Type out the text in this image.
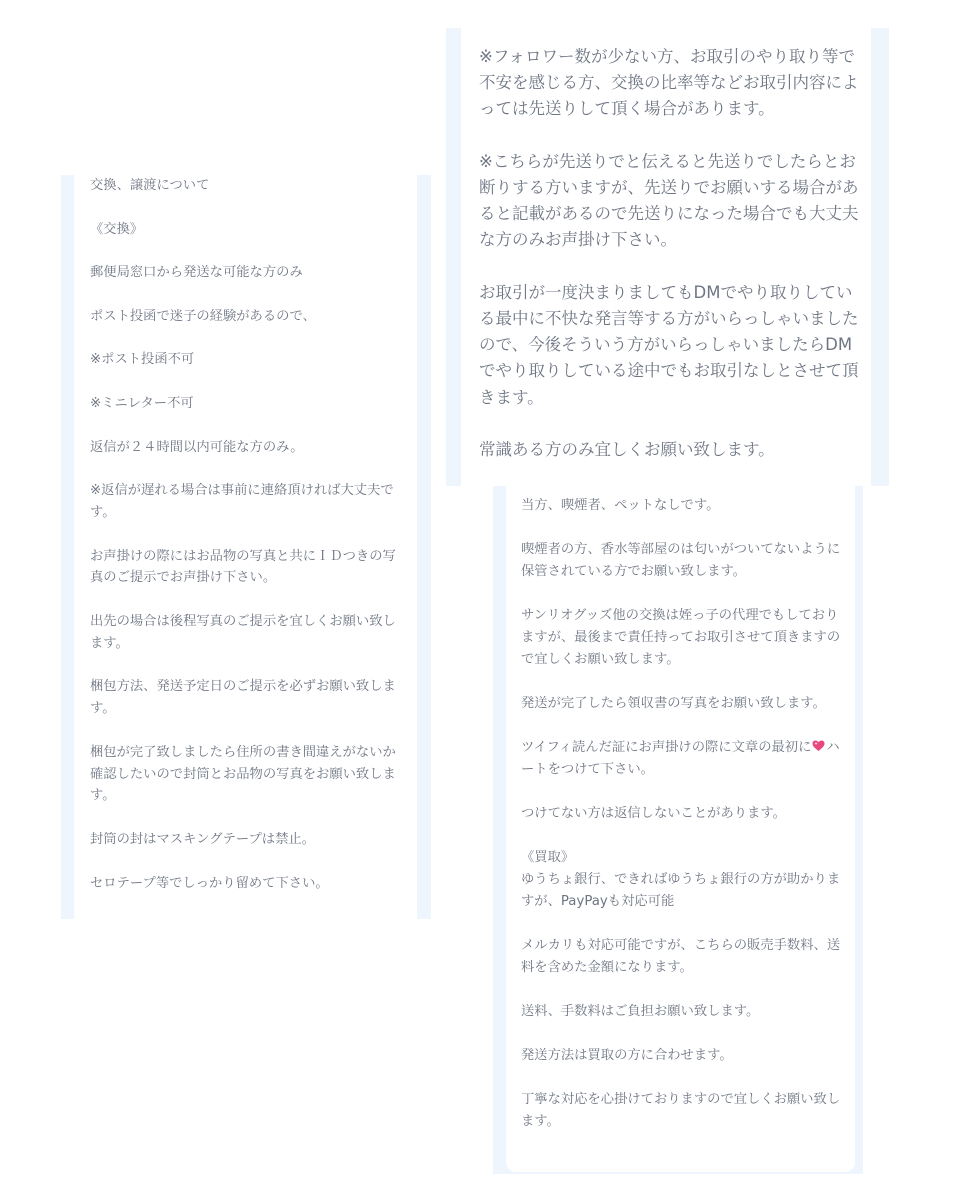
交換、譲渡について

《交換》

郵便局窓口から発送な可能な方のみ

ポスト投函で迷子の経験があるので、

※ポスト投函不可

※ミニレター不可

返信が２４時間以内可能な方のみ。

※返信が遅れる場合は事前に連絡頂ければ大丈夫です。

お声掛けの際にはお品物の写真と共にＩＤつきの写真のご提示でお声掛け下さい。

出先の場合は後程写真のご提示を宜しくお願い致します。

梱包方法、発送予定日のご提示を必ずお願い致します。

梱包が完了致しましたら住所の書き間違えがないか確認したいので封筒とお品物の写真をお願い致します。

封筒の封はマスキングテープは禁止。

セロテープ等でしっかり留めて下さい。
※フォロワー数が少ない方、お取引のやり取り等で不安を感じる方、交換の比率等などお取引内容によっては先送りして頂く場合があります。

※こちらが先送りでと伝えると先送りでしたらとお断りする方いますが、先送りでお願いする場合があると記載があるので先送りになった場合でも大丈夫な方のみお声掛け下さい。

お取引が一度決まりましてもDMでやり取りしている最中に不快な発言等する方がいらっしゃいましたので、今後そういう方がいらっしゃいましたらDMでやり取りしている途中でもお取引なしとさせて頂きます。

常識ある方のみ宜しくお願い致します。
当方、喫煙者、ペットなしです。

喫煙者の方、香水等部屋のは匂いがついてないように保管されている方でお願い致します。

サンリオグッズ他の交換は姪っ子の代理でもしておりますが、最後まで責任持ってお取引させて頂きますので宜しくお願い致します。

発送が完了したら領収書の写真をお願い致します。

ツイフィ読んだ証にお声掛けの際に文章の最初に ハートをつけて下さい。

つけてない方は返信しないことがあります。

《買取》
ゆうちょ銀行、できればゆうちょ銀行の方が助かりますが、PayPayも対応可能

メルカリも対応可能ですが、こちらの販売手数料、送料を含めた金額になります。

送料、手数料はご負担お願い致します。

発送方法は買取の方に合わせます。

丁寧な対応を心掛けておりますので宜しくお願い致します。
